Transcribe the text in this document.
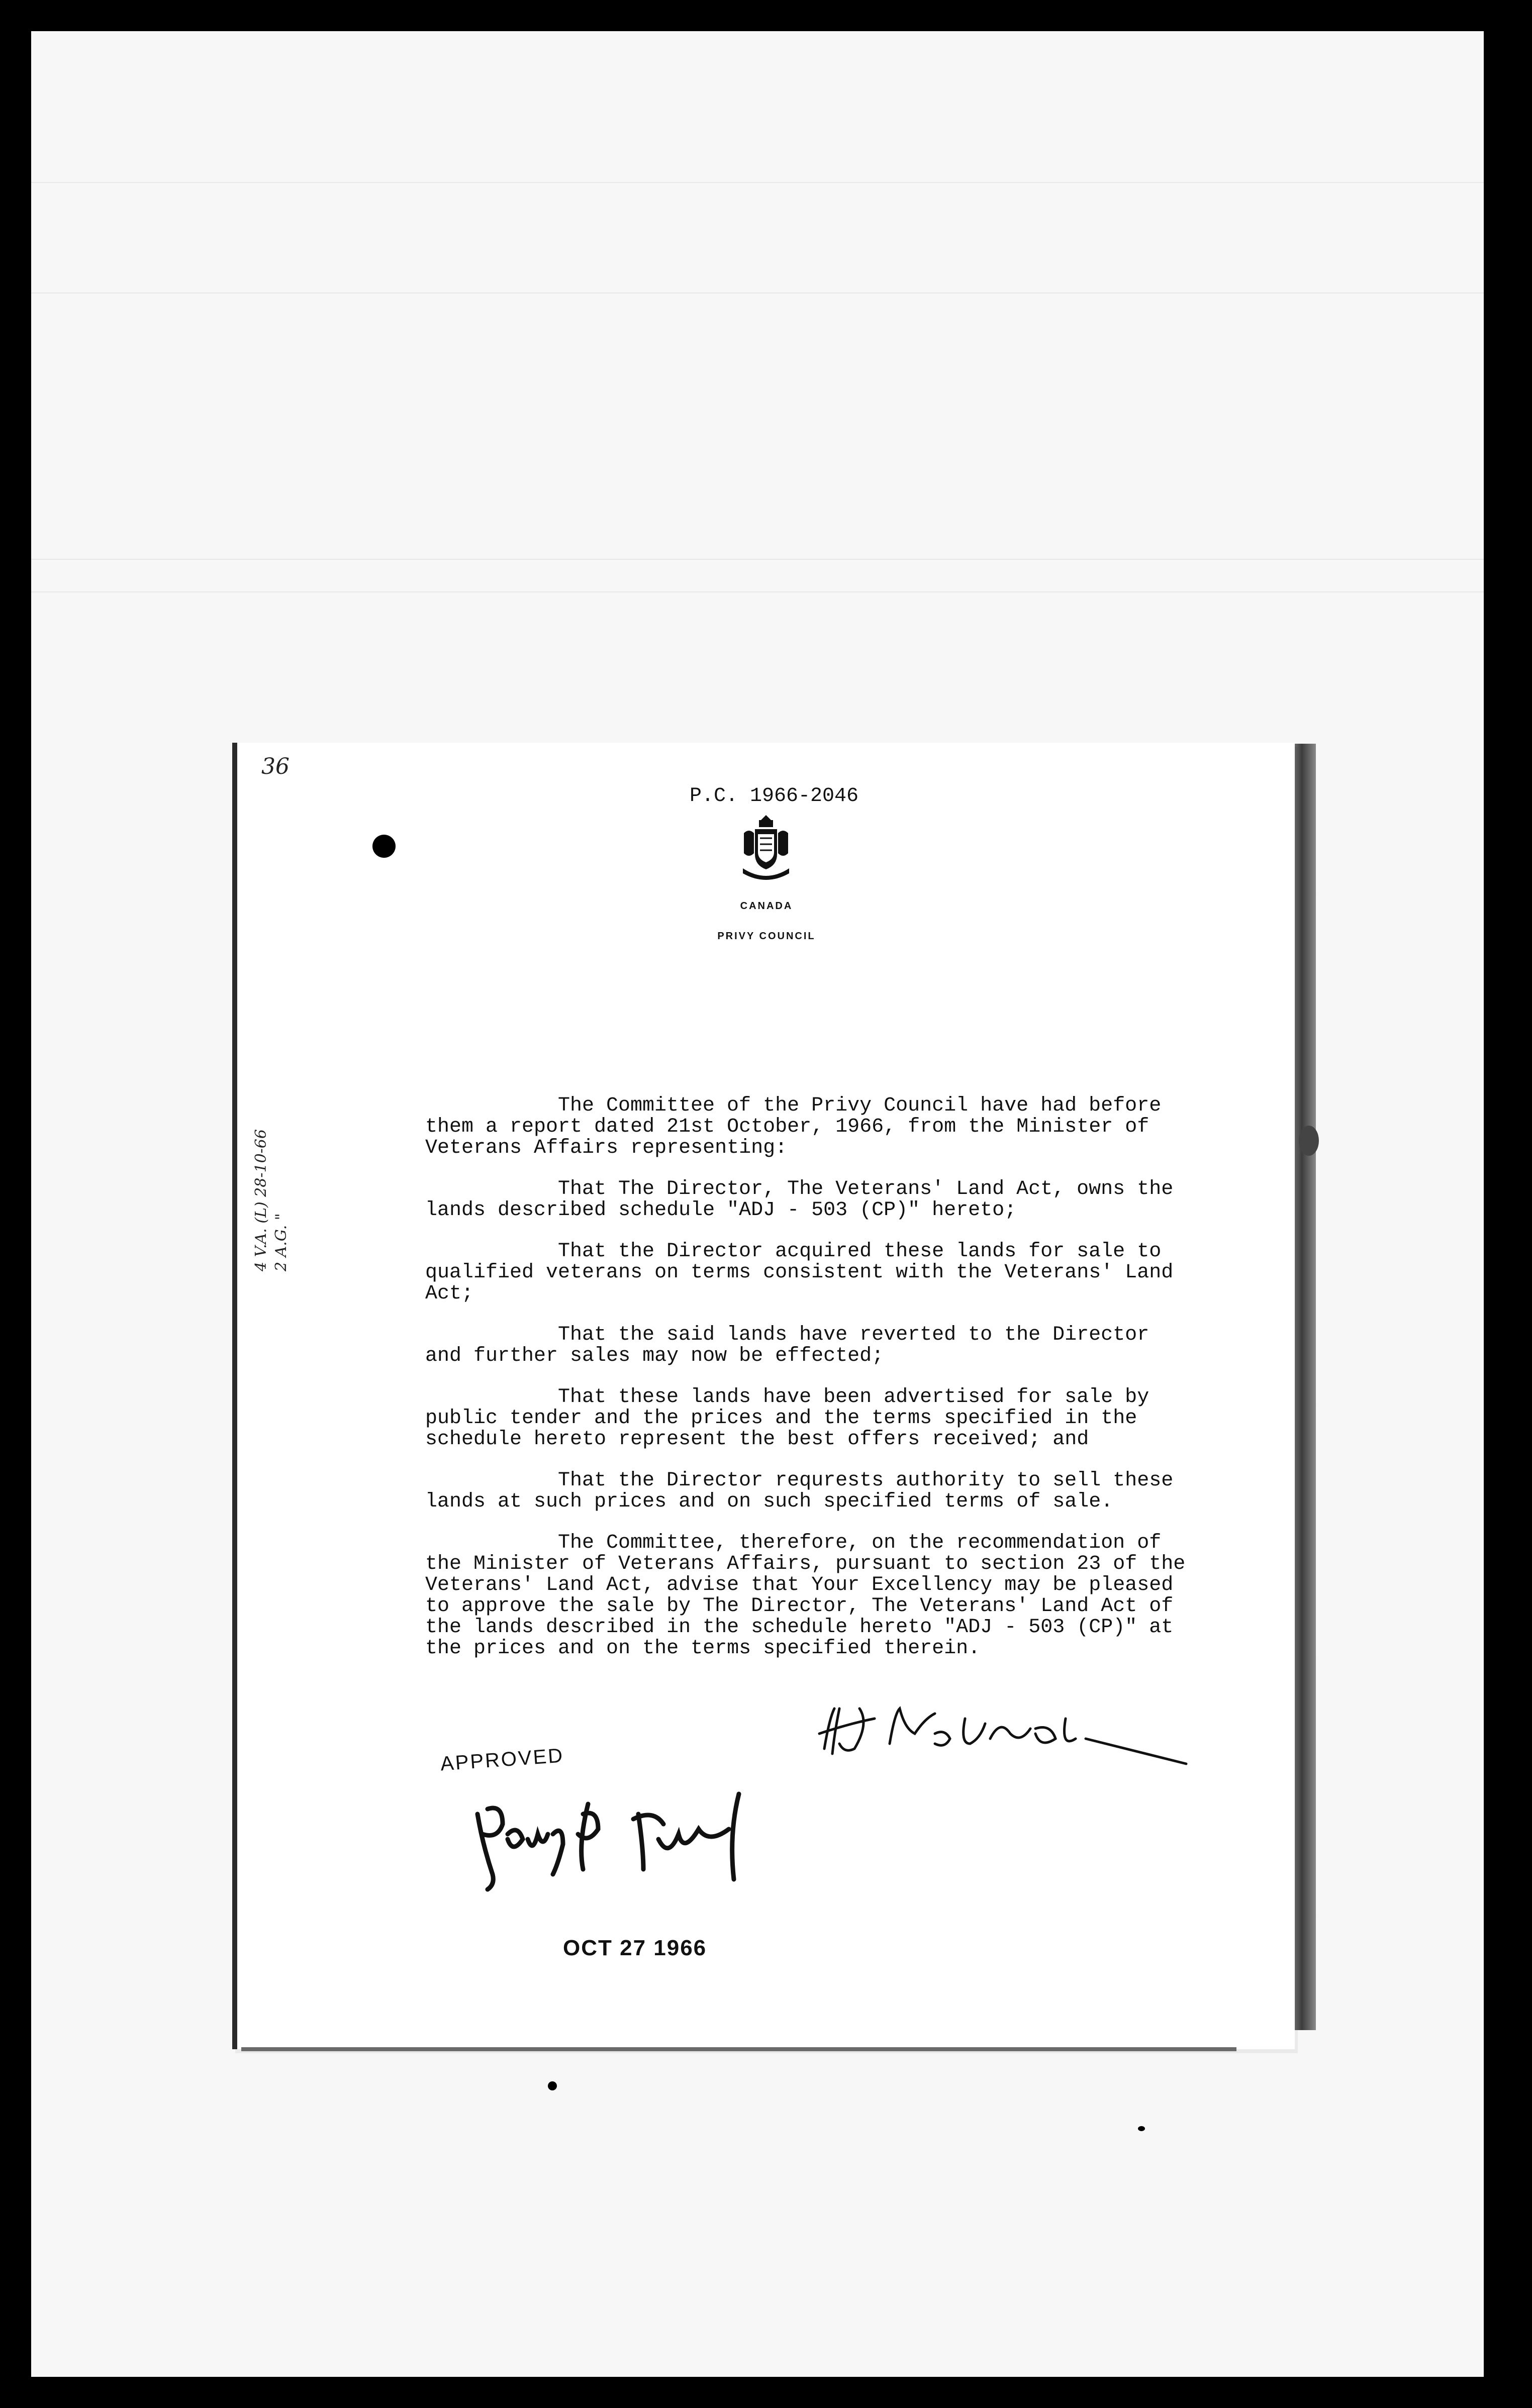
36
P.C. 1966-2046
CANADA
PRIVY COUNCIL

The Committee of the Privy Council have had before them a report dated 21st October, 1966, from the Minister of Veterans Affairs representing:

That The Director, The Veterans' Land Act, owns the lands described schedule "ADJ - 503 (CP)" hereto;

That the Director acquired these lands for sale to qualified veterans on terms consistent with the Veterans' Land Act;

That the said lands have reverted to the Director and further sales may now be effected;

That these lands have been advertised for sale by public tender and the prices and the terms specified in the schedule hereto represent the best offers received; and

That the Director requrests authority to sell these lands at such prices and on such specified terms of sale.

The Committee, therefore, on the recommendation of the Minister of Veterans Affairs, pursuant to section 23 of the Veterans' Land Act, advise that Your Excellency may be pleased to approve the sale by The Director, The Veterans' Land Act of the lands described in the schedule hereto "ADJ - 503 (CP)" at the prices and on the terms specified therein.

4 V.A. (L) 28-10-66 2 A.G. "
APPROVED
OCT 27 1966
